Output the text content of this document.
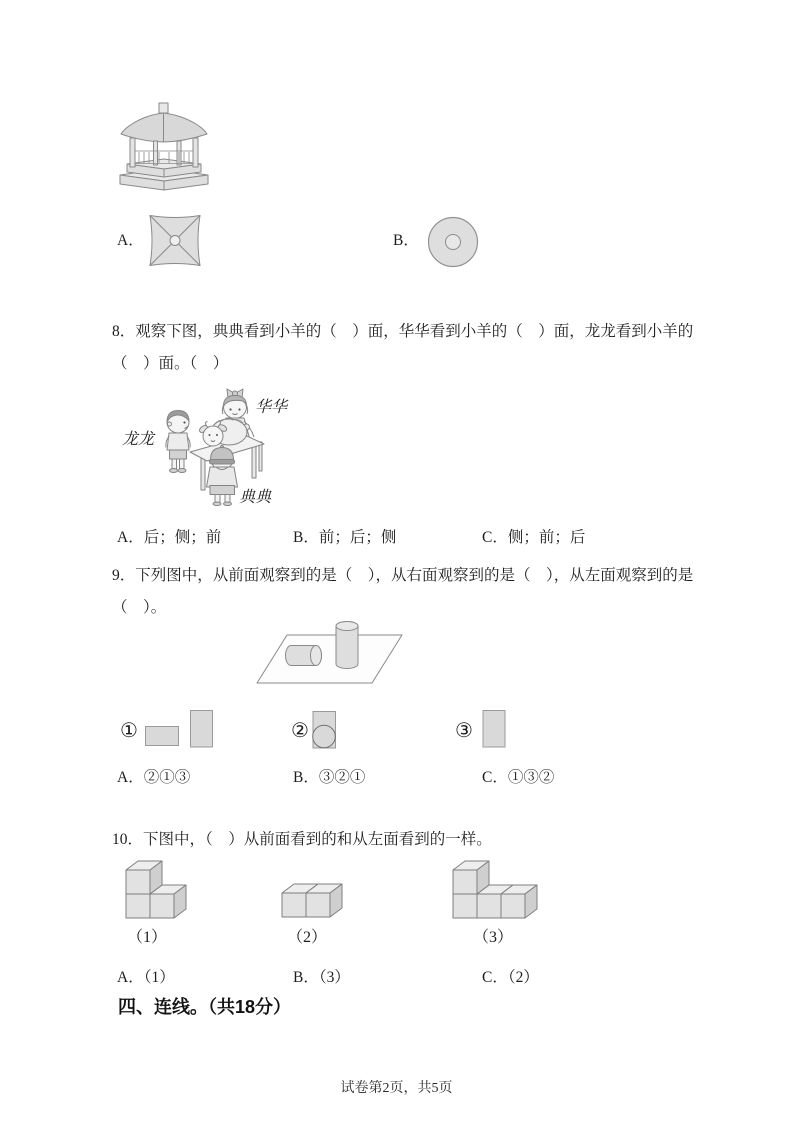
A．	B．
8．观察下图，典典看到小羊的（　）面，华华看到小羊的（　）面，龙龙看到小羊的
（　）面。（　）
龙龙
华华
典典
A．后；侧；前	B．前；后；侧	C．侧；前；后
9．下列图中，从前面观察到的是（　），从右面观察到的是（　），从左面观察到的是
（　）。
①	②	③
A．②①③	B．③②①	C．①③②
10．下图中，（　）从前面看到的和从左面看到的一样。
（1）	（2）	（3）
A．（1）	B．（3）	C．（2）
四、连线。（共18分）
试卷第2页，共5页
